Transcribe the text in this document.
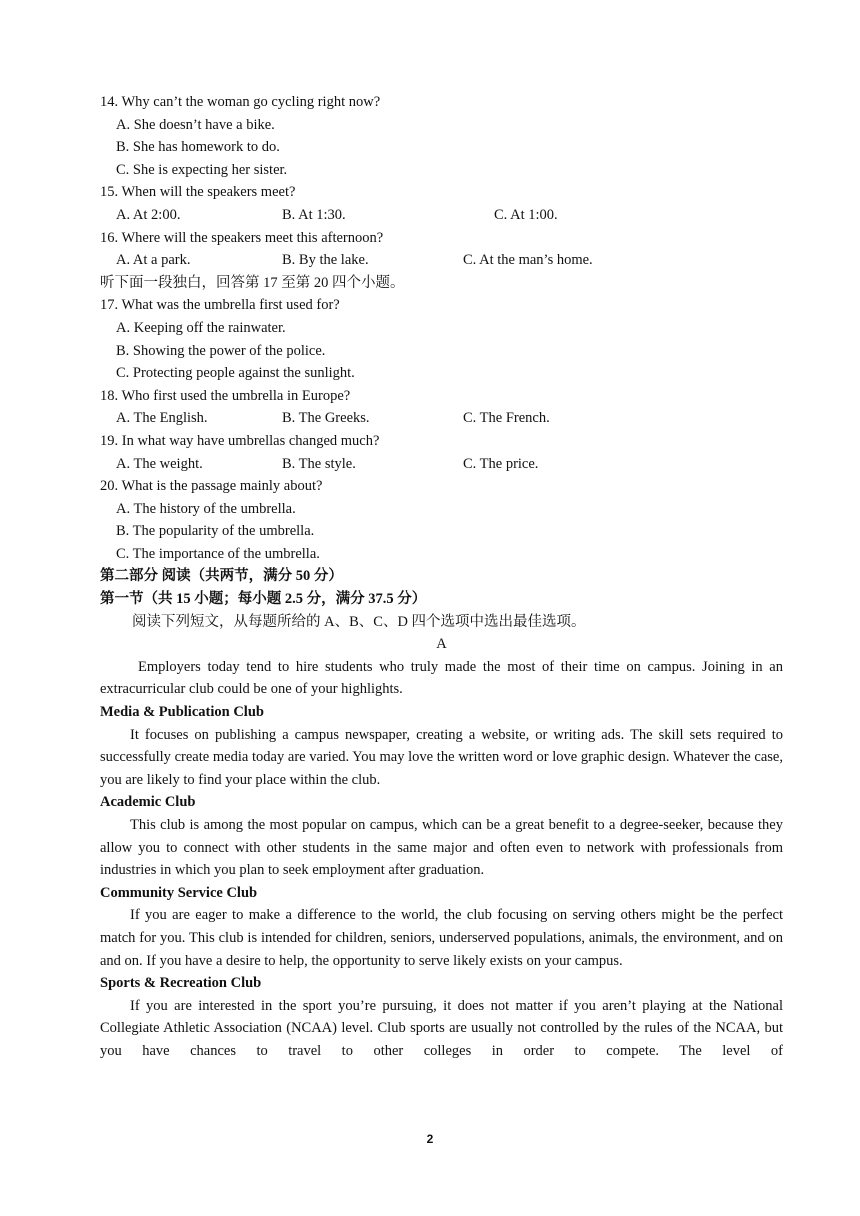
14. Why can’t the woman go cycling right now?
A. She doesn’t have a bike.
B. She has homework to do.
C. She is expecting her sister.
15. When will the speakers meet?
A. At 2:00.	B. At 1:30.	C. At 1:00.
16. Where will the speakers meet this afternoon?
A. At a park.	B. By the lake.	C. At the man’s home.
听下面一段独白，回答第 17 至第 20 四个小题。
17. What was the umbrella first used for?
A. Keeping off the rainwater.
B. Showing the power of the police.
C. Protecting people against the sunlight.
18. Who first used the umbrella in Europe?
A. The English.	B. The Greeks.	C. The French.
19. In what way have umbrellas changed much?
A. The weight.	B. The style.	C. The price.
20. What is the passage mainly about?
A. The history of the umbrella.
B. The popularity of the umbrella.
C. The importance of the umbrella.
第二部分 阅读（共两节，满分 50 分）
第一节（共 15 小题；每小题 2.5 分，满分 37.5 分）
阅读下列短文，从每题所给的 A、B、C、D 四个选项中选出最佳选项。
A
Employers today tend to hire students who truly made the most of their time on campus. Joining in an extracurricular club could be one of your highlights.
Media & Publication Club
It focuses on publishing a campus newspaper, creating a website, or writing ads. The skill sets required to successfully create media today are varied. You may love the written word or love graphic design. Whatever the case, you are likely to find your place within the club.
Academic Club
This club is among the most popular on campus, which can be a great benefit to a degree-seeker, because they allow you to connect with other students in the same major and often even to network with professionals from industries in which you plan to seek employment after graduation.
Community Service Club
If you are eager to make a difference to the world, the club focusing on serving others might be the perfect match for you. This club is intended for children, seniors, underserved populations, animals, the environment, and on and on. If you have a desire to help, the opportunity to serve likely exists on your campus.
Sports & Recreation Club
If you are interested in the sport you’re pursuing, it does not matter if you aren’t playing at the National Collegiate Athletic Association (NCAA) level. Club sports are usually not controlled by the rules of the NCAA, but you have chances to travel to other colleges in order to compete. The level of
2
